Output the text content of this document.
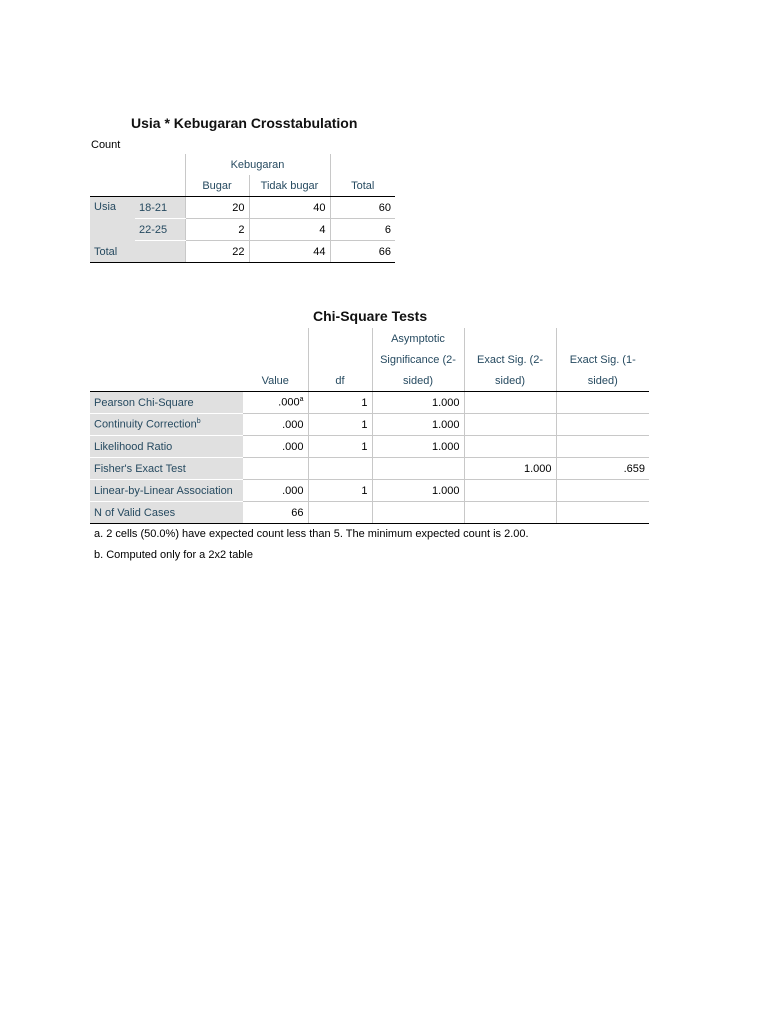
Usia * Kebugaran Crosstabulation
Count
		Kebugaran		
		Bugar	Tidak bugar	Total
Usia	18-21	20	40	60
	22-25	2	4	6
Total		22	44	66
Chi-Square Tests
			Asymptotic		
			Significance (2-	Exact Sig. (2-	Exact Sig. (1-
	Value	df	sided)	sided)	sided)
Pearson Chi-Square	.000$^a$	1	1.000		
Continuity Correction$^b$	.000	1	1.000		
Likelihood Ratio	.000	1	1.000		
Fisher's Exact Test				1.000	.659
Linear-by-Linear Association	.000	1	1.000		
N of Valid Cases	66				
a. 2 cells (50.0%) have expected count less than 5. The minimum expected count is 2.00.
b. Computed only for a 2x2 table
